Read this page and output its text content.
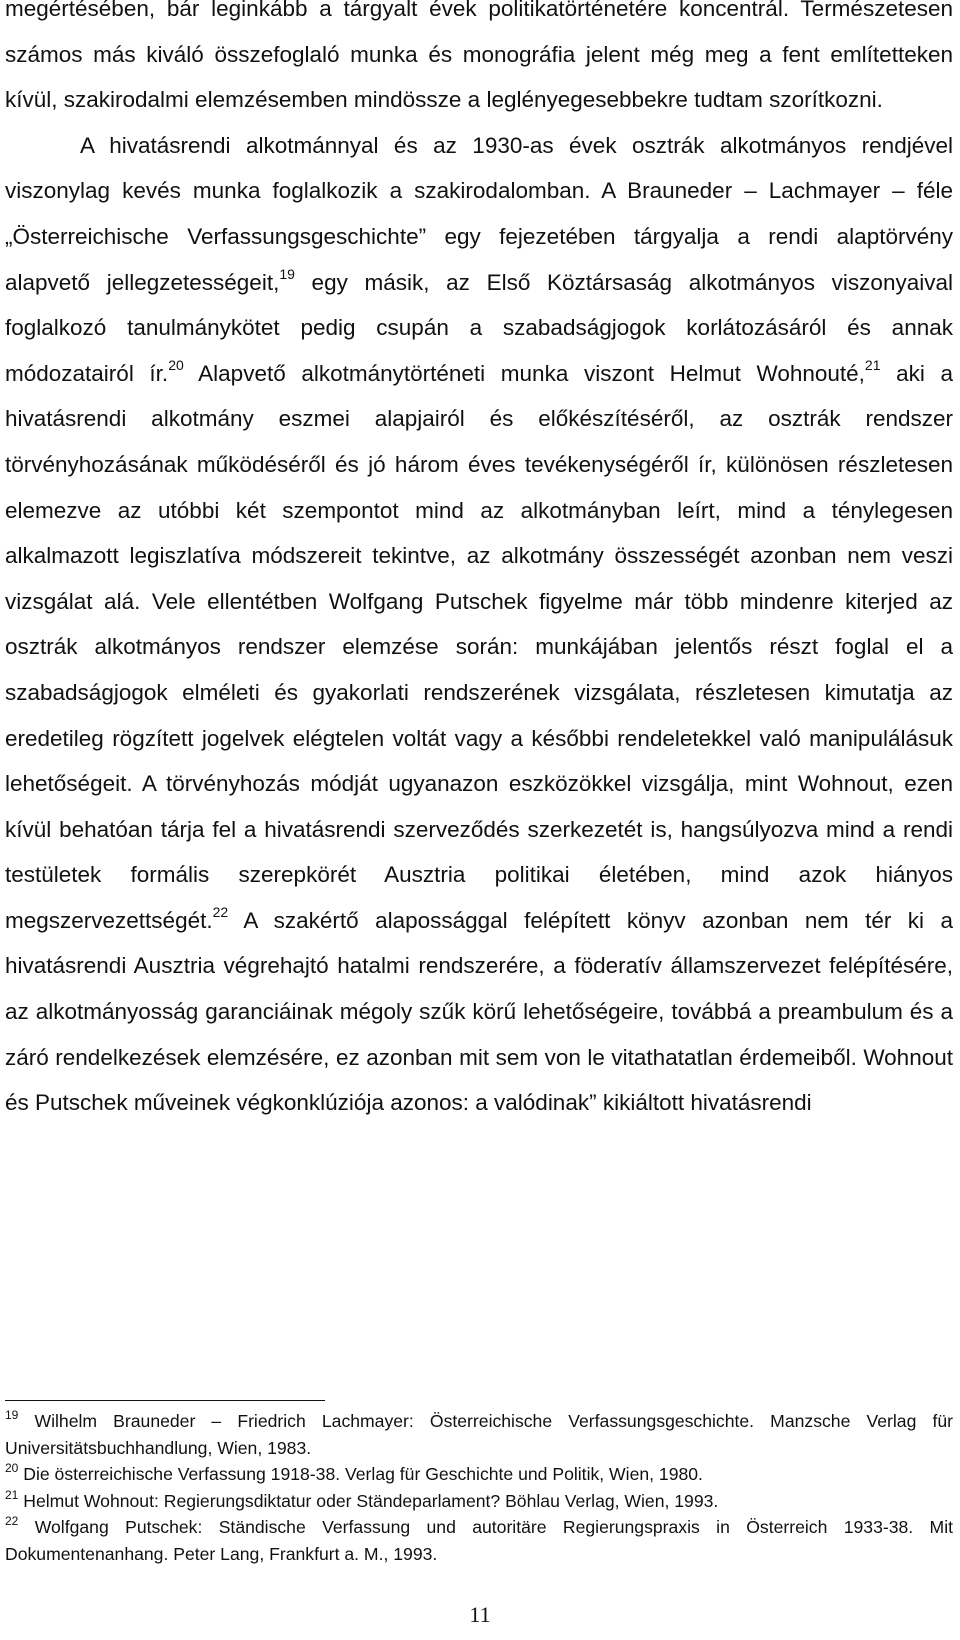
megértésében, bár leginkább a tárgyalt évek politikatörténetére koncentrál. Természetesen számos más kiváló összefoglaló munka és monográfia jelent még meg a fent említetteken kívül, szakirodalmi elemzésemben mindössze a leglényegesebbekre tudtam szorítkozni.

A hivatásrendi alkotmánnyal és az 1930-as évek osztrák alkotmányos rendjével viszonylag kevés munka foglalkozik a szakirodalomban. A Brauneder – Lachmayer – féle „Österreichische Verfassungsgeschichte” egy fejezetében tárgyalja a rendi alaptörvény alapvető jellegzetességeit,$^{19}$ egy másik, az Első Köztársaság alkotmányos viszonyaival foglalkozó tanulmánykötet pedig csupán a szabadságjogok korlátozásáról és annak módozatairól ír.$^{20}$ Alapvető alkotmánytörténeti munka viszont Helmut Wohnouté,$^{21}$ aki a hivatásrendi alkotmány eszmei alapjairól és előkészítéséről, az osztrák rendszer törvényhozásának működéséről és jó három éves tevékenységéről ír, különösen részletesen elemezve az utóbbi két szempontot mind az alkotmányban leírt, mind a ténylegesen alkalmazott legiszlatíva módszereit tekintve, az alkotmány összességét azonban nem veszi vizsgálat alá. Vele ellentétben Wolfgang Putschek figyelme már több mindenre kiterjed az osztrák alkotmányos rendszer elemzése során: munkájában jelentős részt foglal el a szabadságjogok elméleti és gyakorlati rendszerének vizsgálata, részletesen kimutatja az eredetileg rögzített jogelvek elégtelen voltát vagy a későbbi rendeletekkel való manipulálásuk lehetőségeit. A törvényhozás módját ugyanazon eszközökkel vizsgálja, mint Wohnout, ezen kívül behatóan tárja fel a hivatásrendi szerveződés szerkezetét is, hangsúlyozva mind a rendi testületek formális szerepkörét Ausztria politikai életében, mind azok hiányos megszervezettségét.$^{22}$ A szakértő alapossággal felépített könyv azonban nem tér ki a hivatásrendi Ausztria végrehajtó hatalmi rendszerére, a föderatív államszervezet felépítésére, az alkotmányosság garanciáinak mégoly szűk körű lehetőségeire, továbbá a preambulum és a záró rendelkezések elemzésére, ez azonban mit sem von le vitathatatlan érdemeiből. Wohnout és Putschek műveinek végkonklúziója azonos: a valódinak” kikiáltott hivatásrendi

$^{19}$ Wilhelm Brauneder – Friedrich Lachmayer: Österreichische Verfassungsgeschichte. Manzsche Verlag für Universitätsbuchhandlung, Wien, 1983.

$^{20}$ Die österreichische Verfassung 1918-38. Verlag für Geschichte und Politik, Wien, 1980.

$^{21}$ Helmut Wohnout: Regierungsdiktatur oder Ständeparlament? Böhlau Verlag, Wien, 1993.

$^{22}$ Wolfgang Putschek: Ständische Verfassung und autoritäre Regierungspraxis in Österreich 1933-38. Mit Dokumentenanhang. Peter Lang, Frankfurt a. M., 1993.

11
